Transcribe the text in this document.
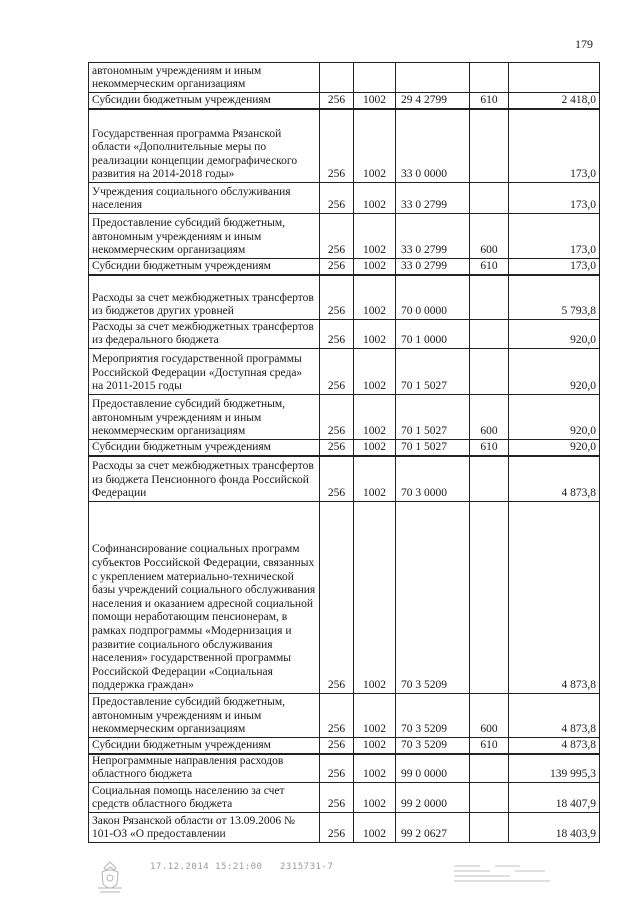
179
автономным учреждениям и иным некоммерческим организациям					
Субсидии бюджетным учреждениям	256	1002	29 4 2799	610	2 418,0
Государственная программа Рязанской области «Дополнительные меры по реализации концепции демографического развития на 2014-2018 годы»	256	1002	33 0 0000		173,0
Учреждения социального обслуживания населения	256	1002	33 0 2799		173,0
Предоставление субсидий бюджетным, автономным учреждениям и иным некоммерческим организациям	256	1002	33 0 2799	600	173,0
Субсидии бюджетным учреждениям	256	1002	33 0 2799	610	173,0
Расходы за счет межбюджетных трансфертов из бюджетов других уровней	256	1002	70 0 0000		5 793,8
Расходы за счет межбюджетных трансфертов из федерального бюджета	256	1002	70 1 0000		920,0
Мероприятия государственной программы Российской Федерации «Доступная среда» на 2011-2015 годы	256	1002	70 1 5027		920,0
Предоставление субсидий бюджетным, автономным учреждениям и иным некоммерческим организациям	256	1002	70 1 5027	600	920,0
Субсидии бюджетным учреждениям	256	1002	70 1 5027	610	920,0
Расходы за счет межбюджетных трансфертов из бюджета Пенсионного фонда Российской Федерации	256	1002	70 3 0000		4 873,8
Софинансирование социальных программ субъектов Российской Федерации, связанных с укреплением материально-технической базы учреждений социального обслуживания населения и оказанием адресной социальной помощи неработающим пенсионерам, в рамках подпрограммы «Модернизация и развитие социального обслуживания населения» государственной программы Российской Федерации «Социальная поддержка граждан»	256	1002	70 3 5209		4 873,8
Предоставление субсидий бюджетным, автономным учреждениям и иным некоммерческим организациям	256	1002	70 3 5209	600	4 873,8
Субсидии бюджетным учреждениям	256	1002	70 3 5209	610	4 873,8
Непрограммные направления расходов областного бюджета	256	1002	99 0 0000		139 995,3
Социальная помощь населению за счет средств областного бюджета	256	1002	99 2 0000		18 407,9
Закон Рязанской области от 13.09.2006 № 101-ОЗ «О предоставлении	256	1002	99 2 0627		18 403,9
17.12.2014 15:21:00 2315731-7
